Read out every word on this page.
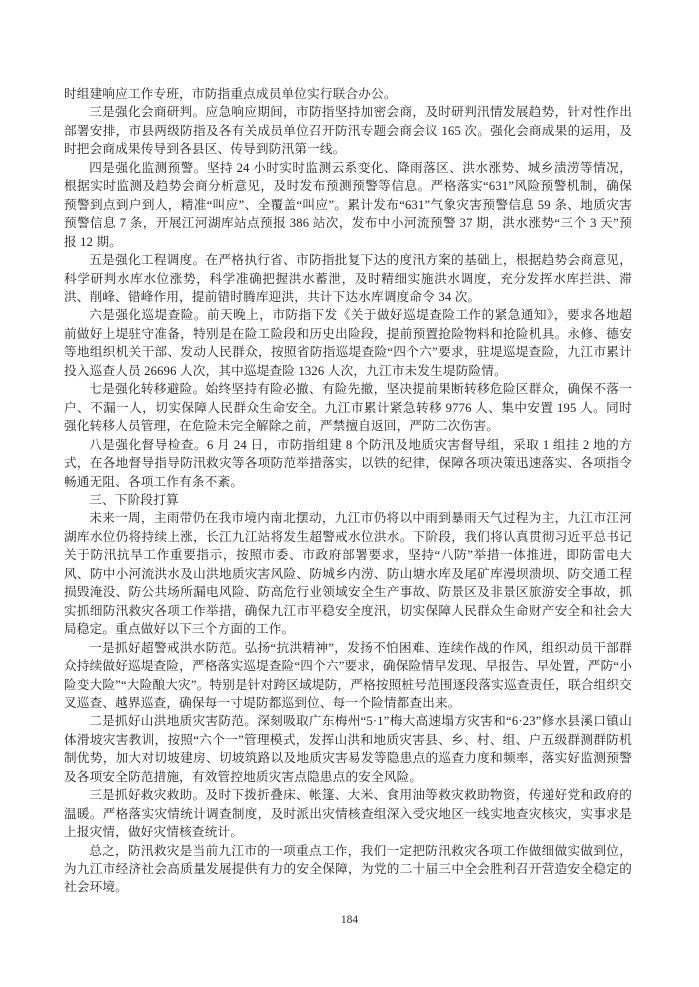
时组建响应工作专班，市防指重点成员单位实行联合办公。

三是强化会商研判。应急响应期间，市防指坚持加密会商，及时研判汛情发展趋势，针对性作出部署安排，市县两级防指及各有关成员单位召开防汛专题会商会议 165 次。强化会商成果的运用，及时把会商成果传导到各县区、传导到防汛第一线。

四是强化监测预警。坚持 24 小时实时监测云系变化、降雨落区、洪水涨势、城乡渍涝等情况，根据实时监测及趋势会商分析意见，及时发布预测预警等信息。严格落实“631”风险预警机制，确保预警到点到户到人，精准“叫应”、全覆盖“叫应”。累计发布“631”气象灾害预警信息 59 条、地质灾害预警信息 7 条，开展江河湖库站点预报 386 站次，发布中小河流预警 37 期，洪水涨势“三个 3 天”预报 12 期。

五是强化工程调度。在严格执行省、市防指批复下达的度汛方案的基础上，根据趋势会商意见，科学研判水库水位涨势，科学准确把握洪水蓄泄，及时精细实施洪水调度，充分发挥水库拦洪、滞洪、削峰、错峰作用，提前错时腾库迎洪，共计下达水库调度命令 34 次。

六是强化巡堤查险。前天晚上，市防指下发《关于做好巡堤查险工作的紧急通知》，要求各地超前做好上堤驻守准备，特别是在险工险段和历史出险段，提前预置抢险物料和抢险机具。永修、德安等地组织机关干部、发动人民群众，按照省防指巡堤查险“四个六”要求，驻堤巡堤查险，九江市累计投入巡查人员 26696 人次，其中巡堤查险 1326 人次，九江市未发生堤防险情。

七是强化转移避险。始终坚持有险必撤、有险先撤，坚决提前果断转移危险区群众，确保不落一户、不漏一人，切实保障人民群众生命安全。九江市累计紧急转移 9776 人、集中安置 195 人。同时强化转移人员管理，在危险未完全解除之前，严禁擅自返回，严防二次伤害。

八是强化督导检查。6 月 24 日，市防指组建 8 个防汛及地质灾害督导组，采取 1 组挂 2 地的方式，在各地督导指导防汛救灾等各项防范举措落实，以铁的纪律，保障各项决策迅速落实、各项指令畅通无阻、各项工作有条不紊。

三、下阶段打算

未来一周，主雨带仍在我市境内南北摆动，九江市仍将以中雨到暴雨天气过程为主，九江市江河湖库水位仍将持续上涨，长江九江站将发生超警戒水位洪水。下阶段，我们将认真贯彻习近平总书记关于防汛抗旱工作重要指示，按照市委、市政府部署要求，坚持“八防”举措一体推进，即防雷电大风、防中小河流洪水及山洪地质灾害风险、防城乡内涝、防山塘水库及尾矿库漫坝溃坝、防交通工程损毁淹没、防公共场所漏电风险、防高危行业领域安全生产事故、防景区及非景区旅游安全事故，抓实抓细防汛救灾各项工作举措，确保九江市平稳安全度汛，切实保障人民群众生命财产安全和社会大局稳定。重点做好以下三个方面的工作。

一是抓好超警戒洪水防范。弘扬“抗洪精神”，发扬不怕困难、连续作战的作风，组织动员干部群众持续做好巡堤查险，严格落实巡堤查险“四个六”要求，确保险情早发现、早报告、早处置，严防“小险变大险”“大险酿大灾”。特别是针对跨区域堤防，严格按照桩号范围逐段落实巡查责任，联合组织交叉巡查、越界巡查，确保每一寸堤防都巡到位、每一个险情都查出来。

二是抓好山洪地质灾害防范。深刻吸取广东梅州“5·1”梅大高速塌方灾害和“6·23”修水县溪口镇山体滑坡灾害教训，按照“六个一”管理模式，发挥山洪和地质灾害县、乡、村、组、户五级群测群防机制优势，加大对切坡建房、切坡筑路以及地质灾害易发等隐患点的巡查力度和频率，落实好监测预警及各项安全防范措施，有效管控地质灾害点隐患点的安全风险。

三是抓好救灾救助。及时下拨折叠床、帐篷、大米、食用油等救灾救助物资，传递好党和政府的温暖。严格落实灾情统计调查制度，及时派出灾情核查组深入受灾地区一线实地查灾核灾，实事求是上报灾情，做好灾情核查统计。

总之，防汛救灾是当前九江市的一项重点工作，我们一定把防汛救灾各项工作做细做实做到位，为九江市经济社会高质量发展提供有力的安全保障，为党的二十届三中全会胜利召开营造安全稳定的社会环境。

184
